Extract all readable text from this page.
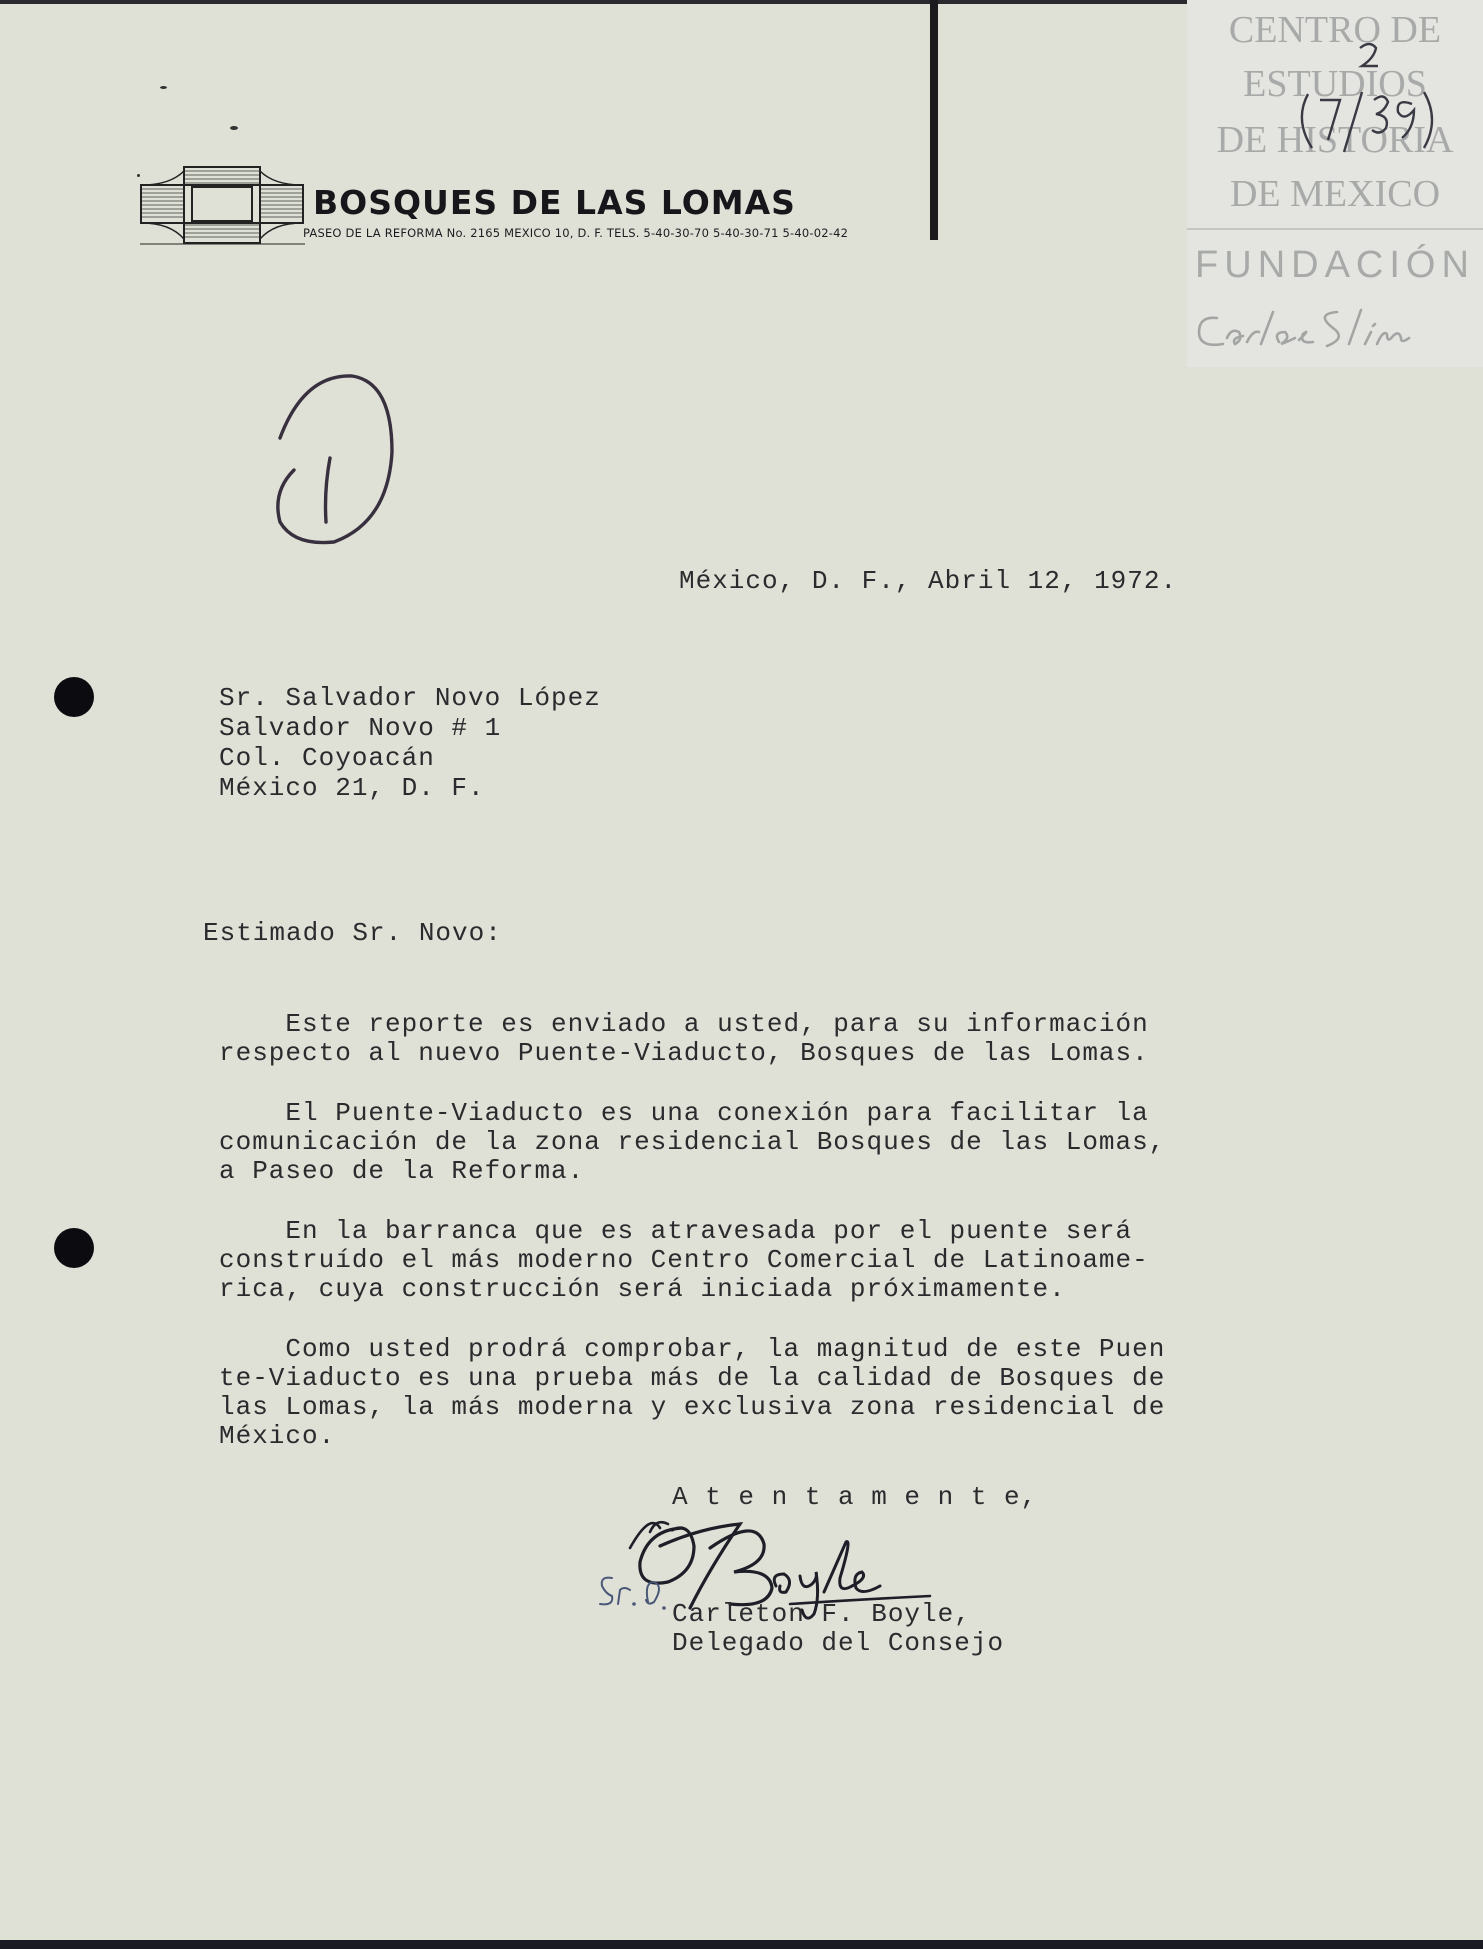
BOSQUES DE LAS LOMAS
PASEO DE LA REFORMA No. 2165 MEXICO 10, D. F. TELS. 5-40-30-70 5-40-30-71 5-40-02-42

CENTRO DE

ESTUDIOS

DE HISTORIA

DE MEXICO

FUNDACIÓN

México, D. F., Abril 12, 1972.

Sr. Salvador Novo López

Salvador Novo # 1

Col. Coyoacán

México 21, D. F.

Estimado Sr. Novo:

Este reporte es enviado a usted, para su información

respecto al nuevo Puente-Viaducto, Bosques de las Lomas.

El Puente-Viaducto es una conexión para facilitar la

comunicación de la zona residencial Bosques de las Lomas,

a Paseo de la Reforma.

En la barranca que es atravesada por el puente será

construído el más moderno Centro Comercial de Latinoame-

rica, cuya construcción será iniciada próximamente.

Como usted prodrá comprobar, la magnitud de este Puen

te-Viaducto es una prueba más de la calidad de Bosques de

las Lomas, la más moderna y exclusiva zona residencial de

México.

A t e n t a m e n t e,

Carleton F. Boyle,

Delegado del Consejo
